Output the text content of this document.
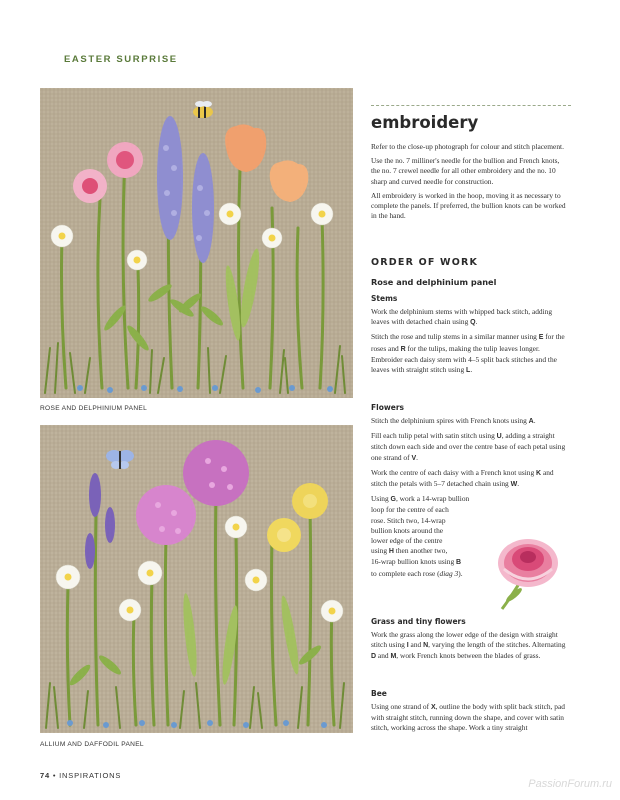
EASTER SURPRISE
ROSE AND DELPHINIUM PANEL
ALLIUM AND DAFFODIL PANEL
embroidery

Refer to the close-up photograph for colour and stitch placement.

Use the no. 7 milliner's needle for the bullion and French knots, the no. 7 crewel needle for all other embroidery and the no. 10 sharp and curved needle for construction.

All embroidery is worked in the hoop, moving it as necessary to complete the panels. If preferred, the bullion knots can be worked in the hand.

ORDER OF WORK
Rose and delphinium panel
Stems

Work the delphinium stems with whipped back stitch, adding leaves with detached chain using Q.

Stitch the rose and tulip stems in a similar manner using E for the roses and R for the tulips, making the tulip leaves longer. Embroider each daisy stem with 4–5 split back stitches and the leaves with straight stitch using L.

Flowers

Stitch the delphinium spires with French knots using A.

Fill each tulip petal with satin stitch using U, adding a straight stitch down each side and over the centre base of each petal using one strand of V.

Work the centre of each daisy with a French knot using K and stitch the petals with 5–7 detached chain using W.

Using G, work a 14-wrap bullion
loop for the centre of each
rose. Stitch two, 14-wrap
bullion knots around the
lower edge of the centre
using H then another two,
16-wrap bullion knots using B
to complete each rose (diag 3).

Grass and tiny flowers

Work the grass along the lower edge of the design with straight stitch using I and N, varying the length of the stitches. Alternating D and M, work French knots between the blades of grass.

Bee

Using one strand of X, outline the body with split back stitch, pad with straight stitch, running down the shape, and cover with satin stitch, working across the shape. Work a tiny straight

74 • INSPIRATIONS
PassionForum.ru
